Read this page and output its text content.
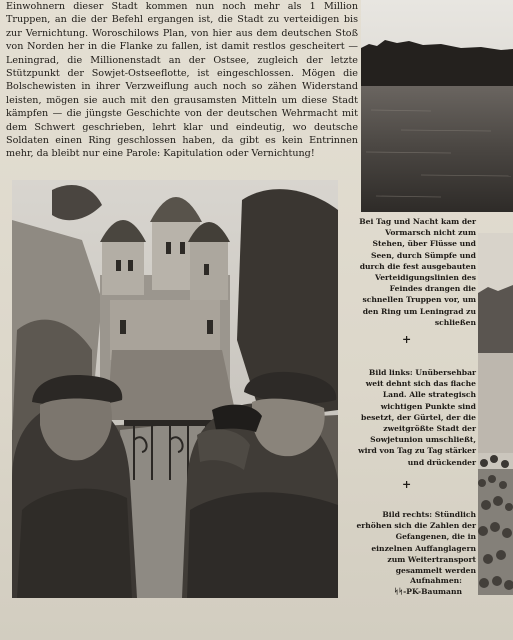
Einwohnern dieser Stadt kommen nun noch mehr als 1 Million Truppen, an die der Befehl ergangen ist, die Stadt zu verteidigen bis zur Vernichtung. Woroschilows Plan, von hier aus dem deutschen Stoß von Norden her in die Flanke zu fallen, ist damit restlos gescheitert — Leningrad, die Millionenstadt an der Ostsee, zugleich der letzte Stützpunkt der Sowjet-Ostseeflotte, ist eingeschlossen. Mögen die Bolschewisten in ihrer Verzweiflung auch noch so zähen Widerstand leisten, mögen sie auch mit den grausamsten Mitteln um diese Stadt kämpfen — die jüngste Geschichte von der deutschen Wehrmacht mit dem Schwert geschrieben, lehrt klar und eindeutig, wo deutsche Soldaten einen Ring geschlossen haben, da gibt es kein Entrinnen mehr, da bleibt nur eine Parole: Kapitulation oder Vernichtung!

Bei Tag und Nacht kam der Vormarsch nicht zum Stehen, über Flüsse und Seen, durch Sümpfe und durch die fest ausgebauten Verteidigungslinien des Feindes drangen die schnellen Truppen vor, um den Ring um Leningrad zu schließen
+
Bild links: Unübersehbar weit dehnt sich das flache Land. Alle strategisch wichtigen Punkte sind besetzt, der Gürtel, der die zweitgrößte Stadt der Sowjetunion umschließt, wird von Tag zu Tag stärker und drückender
+
Bild rechts: Stündlich erhöhen sich die Zahlen der Gefangenen, die in einzelnen Auffanglagern zum Weitertransport gesammelt werden
Aufnahmen:
ᛋᛋ-PK-Baumann
